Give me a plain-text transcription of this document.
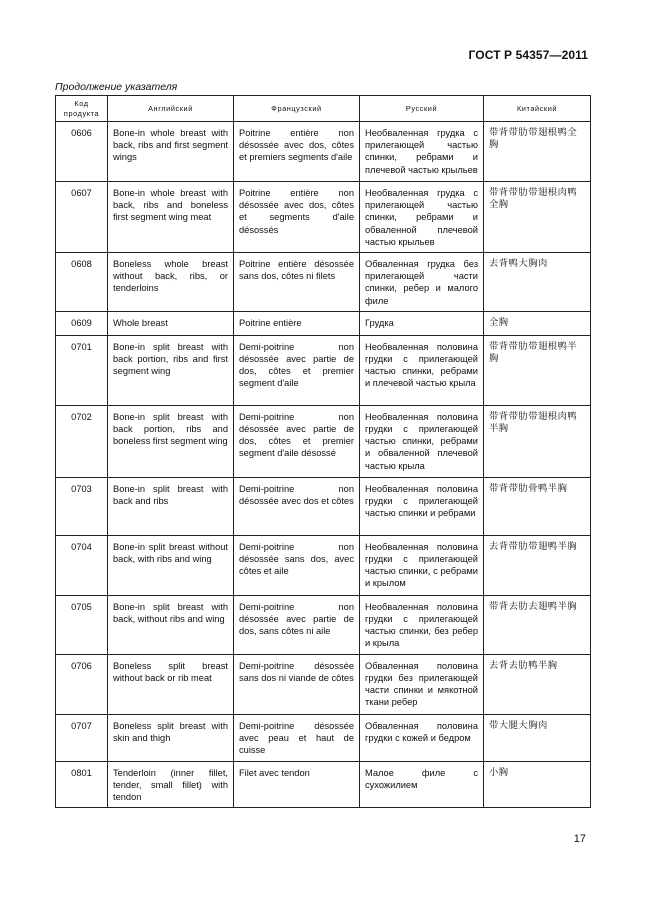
ГОСТ Р 54357—2011
Продолжение указателя
Код продукта	Английский	Французский	Русский	Китайский
0606	Bone-in whole breast with back, ribs and first segment wings	Poitrine entière non désossée avec dos, côtes et premiers segments d'aile	Необваленная грудка с прилегающей частью спинки, ребрами и плечевой частью крыльев	带背带肋带翅根鸭全胸
0607	Bone-in whole breast with back, ribs and boneless first segment wing meat	Poitrine entière non désossée avec dos, côtes et segments d'aile désossés	Необваленная грудка с прилегающей частью спинки, ребрами и обваленной плечевой частью крыльев	带背带肋带翅根肉鸭全胸
0608	Boneless whole breast without back, ribs, or tenderloins	Poitrine entière désossée sans dos, côtes ni filets	Обваленная грудка без прилегающей части спинки, ребер и малого филе	去背鸭大胸肉
0609	Whole breast	Poitrine entière	Грудка	全胸
0701	Bone-in split breast with back portion, ribs and first segment wing	Demi-poitrine non désossée avec partie de dos, côtes et premier segment d'aile	Необваленная половина грудки с прилегающей частью спинки, ребрами и плечевой частью крыла	带背带肋带翅根鸭半胸
0702	Bone-in split breast with back portion, ribs and boneless first segment wing	Demi-poitrine non désossée avec partie de dos, côtes et premier segment d'aile désossé	Необваленная половина грудки с прилегающей частью спинки, ребрами и обваленной плечевой частью крыла	带背带肋带翅根肉鸭半胸
0703	Bone-in split breast with back and ribs	Demi-poitrine non désossée avec dos et côtes	Необваленная половина грудки с прилегающей частью спинки и ребрами	带背带肋骨鸭半胸
0704	Bone-in split breast without back, with ribs and wing	Demi-poitrine non désossée sans dos, avec côtes et aile	Необваленная половина грудки с прилегающей частью спинки, с ребрами и крылом	去背带肋带翅鸭半胸
0705	Bone-in split breast with back, without ribs and wing	Demi-poitrine non désossée avec partie de dos, sans côtes ni aile	Необваленная половина грудки с прилегающей частью спинки, без ребер и крыла	带背去肋去翅鸭半胸
0706	Boneless split breast without back or rib meat	Demi-poitrine désossée sans dos ni viande de côtes	Обваленная половина грудки без прилегающей части спинки и мякотной ткани ребер	去背去肋鸭半胸
0707	Boneless split breast with skin and thigh	Demi-poitrine désossée avec peau et haut de cuisse	Обваленная половина грудки с кожей и бедром	带大腿大胸肉
0801	Tenderloin (inner fillet, tender, small fillet) with tendon	Filet avec tendon	Малое филе с сухожилием	小胸
17
